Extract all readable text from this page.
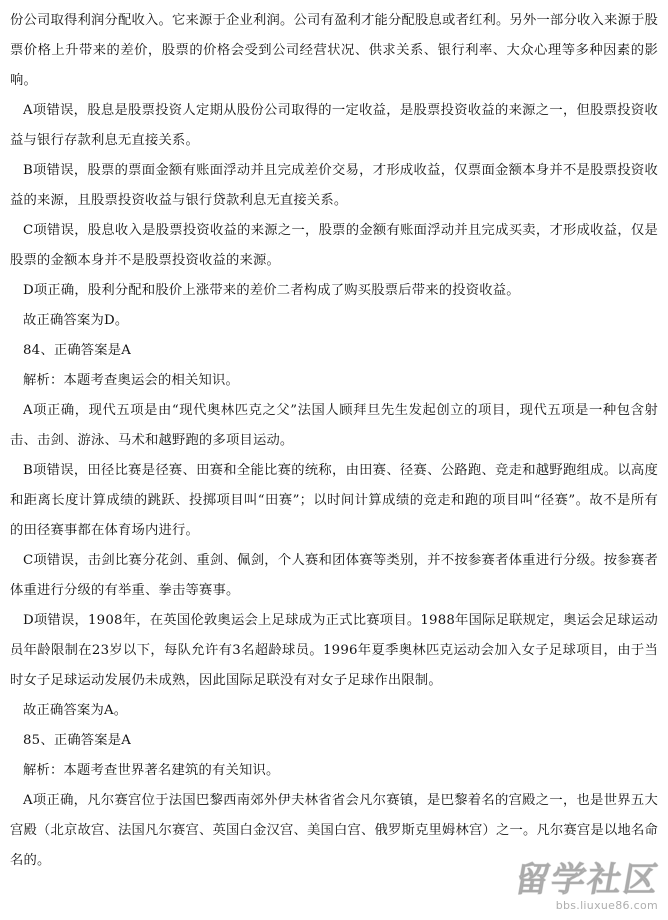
份公司取得利润分配收入。它来源于企业利润。公司有盈利才能分配股息或者红利。另外一部分收入来源于股票价格上升带来的差价，股票的价格会受到公司经营状况、供求关系、银行利率、大众心理等多种因素的影响。

A项错误，股息是股票投资人定期从股份公司取得的一定收益，是股票投资收益的来源之一，但股票投资收益与银行存款利息无直接关系。

B项错误，股票的票面金额有账面浮动并且完成差价交易，才形成收益，仅票面金额本身并不是股票投资收益的来源，且股票投资收益与银行贷款利息无直接关系。

C项错误，股息收入是股票投资收益的来源之一，股票的金额有账面浮动并且完成买卖，才形成收益，仅是股票的金额本身并不是股票投资收益的来源。

D项正确，股利分配和股价上涨带来的差价二者构成了购买股票后带来的投资收益。

故正确答案为D。

84、正确答案是A

解析：本题考查奥运会的相关知识。

A项正确，现代五项是由“现代奥林匹克之父”法国人顾拜旦先生发起创立的项目，现代五项是一种包含射击、击剑、游泳、马术和越野跑的多项目运动。

B项错误，田径比赛是径赛、田赛和全能比赛的统称，由田赛、径赛、公路跑、竞走和越野跑组成。以高度和距离长度计算成绩的跳跃、投掷项目叫“田赛”；以时间计算成绩的竞走和跑的项目叫“径赛”。故不是所有的田径赛事都在体育场内进行。

C项错误，击剑比赛分花剑、重剑、佩剑，个人赛和团体赛等类别，并不按参赛者体重进行分级。按参赛者体重进行分级的有举重、拳击等赛事。

D项错误，1908年，在英国伦敦奥运会上足球成为正式比赛项目。1988年国际足联规定，奥运会足球运动员年龄限制在23岁以下，每队允许有3名超龄球员。1996年夏季奥林匹克运动会加入女子足球项目，由于当时女子足球运动发展仍未成熟，因此国际足联没有对女子足球作出限制。

故正确答案为A。

85、正确答案是A

解析：本题考查世界著名建筑的有关知识。

A项正确，凡尔赛宫位于法国巴黎西南郊外伊夫林省省会凡尔赛镇，是巴黎着名的宫殿之一，也是世界五大宫殿（北京故宫、法国凡尔赛宫、英国白金汉宫、美国白宫、俄罗斯克里姆林宫）之一。凡尔赛宫是以地名命名的。	留学社区
bbs.liuxue86.com
